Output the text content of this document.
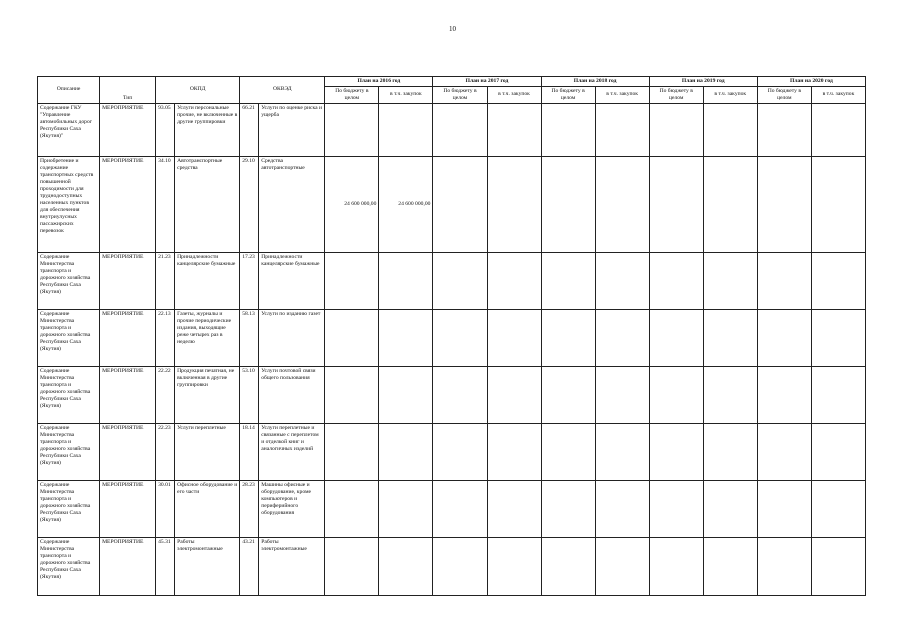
10
Описание	Тип	ОКПД		ОКВЭД		План на 2016 год		План на 2017 год		План на 2018 год		План на 2019 год		План на 2020 год	
						По бюджету в целом	в т.ч. закупок	По бюджету в целом	в т.ч. закупок	По бюджету в целом	в т.ч. закупок	По бюджету в целом	в т.ч. закупок	По бюджету в целом	в т.ч. закупок
Содержание ГКУ "Управление автомобильных дорог Республики Саха (Якутия)"	МЕРОПРИЯТИЕ	93.05	Услуги персональные прочие, не включенные в другие группировки	66.21	Услуги по оценке риска и ущерба										
Приобретение и содержание транспортных средств повышенной проходимости для труднодоступных населенных пунктов для обеспечения внутриулусных пассажирских перевозок	МЕРОПРИЯТИЕ	34.10	Автотранспортные средства	29.10	Средства автотранспортные	24 600 000,00	24 600 000,00								
Содержание Министерства транспорта и дорожного хозяйства Республики Саха (Якутия)	МЕРОПРИЯТИЕ	21.23	Принадлежности канцелярские бумажные	17.23	Принадлежности канцелярские бумажные										
Содержание Министерства транспорта и дорожного хозяйства Республики Саха (Якутия)	МЕРОПРИЯТИЕ	22.13	Газеты, журналы и прочие периодические издания, выходящие реже четырех раз в неделю	58.13	Услуги по изданию газет										
Содержание Министерства транспорта и дорожного хозяйства Республики Саха (Якутия)	МЕРОПРИЯТИЕ	22.22	Продукция печатная, не включенная в другие группировки	53.10	Услуги почтовой связи общего пользования										
Содержание Министерства транспорта и дорожного хозяйства Республики Саха (Якутия)	МЕРОПРИЯТИЕ	22.23	Услуги переплетные	18.14	Услуги переплетные и связанные с переплетом и отделкой книг и аналогичных изделий										
Содержание Министерства транспорта и дорожного хозяйства Республики Саха (Якутия)	МЕРОПРИЯТИЕ	30.01	Офисное оборудование и его части	28.23	Машины офисные и оборудование, кроме компьютеров и периферийного оборудования										
Содержание Министерства транспорта и дорожного хозяйства Республики Саха (Якутия)	МЕРОПРИЯТИЕ	45.31	Работы электромонтажные	43.21	Работы электромонтажные										
